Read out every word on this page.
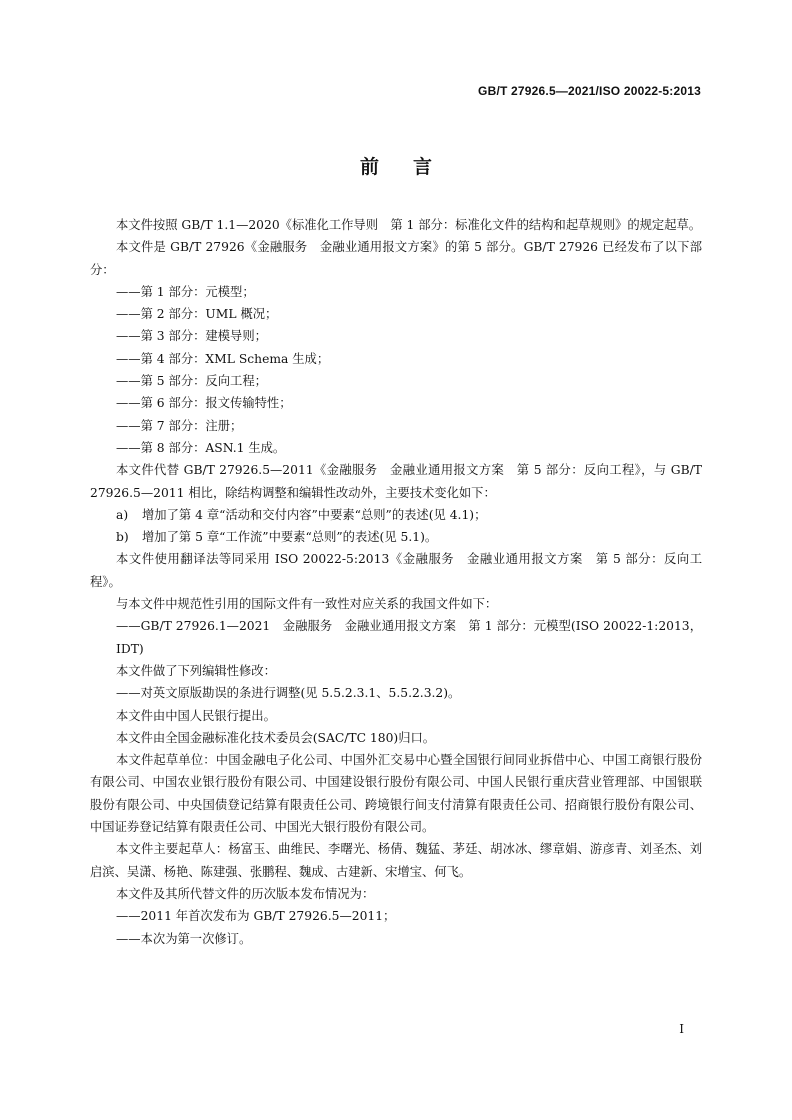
GB/T 27926.5—2021/ISO 20022-5:2013
前言

本文件按照 GB/T 1.1—2020《标准化工作导则　第 1 部分：标准化文件的结构和起草规则》的规定起草。

本文件是 GB/T 27926《金融服务　金融业通用报文方案》的第 5 部分。GB/T 27926 已经发布了以下部分：

——第 1 部分：元模型；

——第 2 部分：UML 概况；

——第 3 部分：建模导则；

——第 4 部分：XML Schema 生成；

——第 5 部分：反向工程；

——第 6 部分：报文传输特性；

——第 7 部分：注册；

——第 8 部分：ASN.1 生成。

本文件代替 GB/T 27926.5—2011《金融服务　金融业通用报文方案　第 5 部分：反向工程》，与 GB/T 27926.5—2011 相比，除结构调整和编辑性改动外，主要技术变化如下：

a) 增加了第 4 章“活动和交付内容”中要素“总则”的表述(见 4.1)；

b) 增加了第 5 章“工作流”中要素“总则”的表述(见 5.1)。

本文件使用翻译法等同采用 ISO 20022-5:2013《金融服务　金融业通用报文方案　第 5 部分：反向工程》。

与本文件中规范性引用的国际文件有一致性对应关系的我国文件如下：

——GB/T 27926.1—2021　金融服务　金融业通用报文方案　第 1 部分：元模型(ISO 20022-1:2013，IDT)

本文件做了下列编辑性修改：

——对英文原版勘误的条进行调整(见 5.5.2.3.1、5.5.2.3.2)。

本文件由中国人民银行提出。

本文件由全国金融标准化技术委员会(SAC/TC 180)归口。

本文件起草单位：中国金融电子化公司、中国外汇交易中心暨全国银行间同业拆借中心、中国工商银行股份有限公司、中国农业银行股份有限公司、中国建设银行股份有限公司、中国人民银行重庆营业管理部、中国银联股份有限公司、中央国债登记结算有限责任公司、跨境银行间支付清算有限责任公司、招商银行股份有限公司、中国证券登记结算有限责任公司、中国光大银行股份有限公司。

本文件主要起草人：杨富玉、曲维民、李曙光、杨倩、魏猛、茅廷、胡冰冰、缪章娟、游彦青、刘圣杰、刘启滨、吴潇、杨艳、陈建强、张鹏程、魏成、古建新、宋增宝、何飞。

本文件及其所代替文件的历次版本发布情况为：

——2011 年首次发布为 GB/T 27926.5—2011；

——本次为第一次修订。

I
